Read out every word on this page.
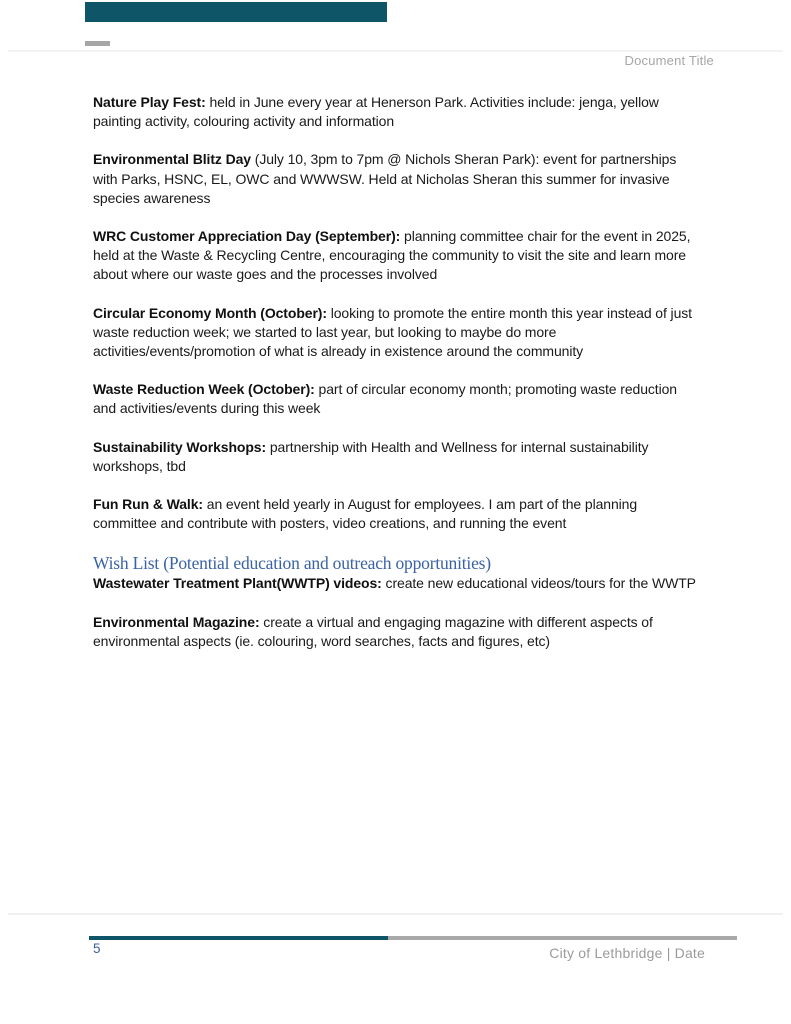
Document Title

Nature Play Fest: held in June every year at Henerson Park. Activities include: jenga, yellow painting activity, colouring activity and information

Environmental Blitz Day (July 10, 3pm to 7pm @ Nichols Sheran Park): event for partnerships with Parks, HSNC, EL, OWC and WWWSW. Held at Nicholas Sheran this summer for invasive species awareness

WRC Customer Appreciation Day (September): planning committee chair for the event in 2025, held at the Waste & Recycling Centre, encouraging the community to visit the site and learn more about where our waste goes and the processes involved

Circular Economy Month (October): looking to promote the entire month this year instead of just waste reduction week; we started to last year, but looking to maybe do more activities/events/promotion of what is already in existence around the community

Waste Reduction Week (October): part of circular economy month; promoting waste reduction and activities/events during this week

Sustainability Workshops: partnership with Health and Wellness for internal sustainability workshops, tbd

Fun Run & Walk: an event held yearly in August for employees. I am part of the planning committee and contribute with posters, video creations, and running the event

Wish List (Potential education and outreach opportunities)

Wastewater Treatment Plant(WWTP) videos: create new educational videos/tours for the WWTP

Environmental Magazine: create a virtual and engaging magazine with different aspects of environmental aspects (ie. colouring, word searches, facts and figures, etc)

5	City of Lethbridge | Date
